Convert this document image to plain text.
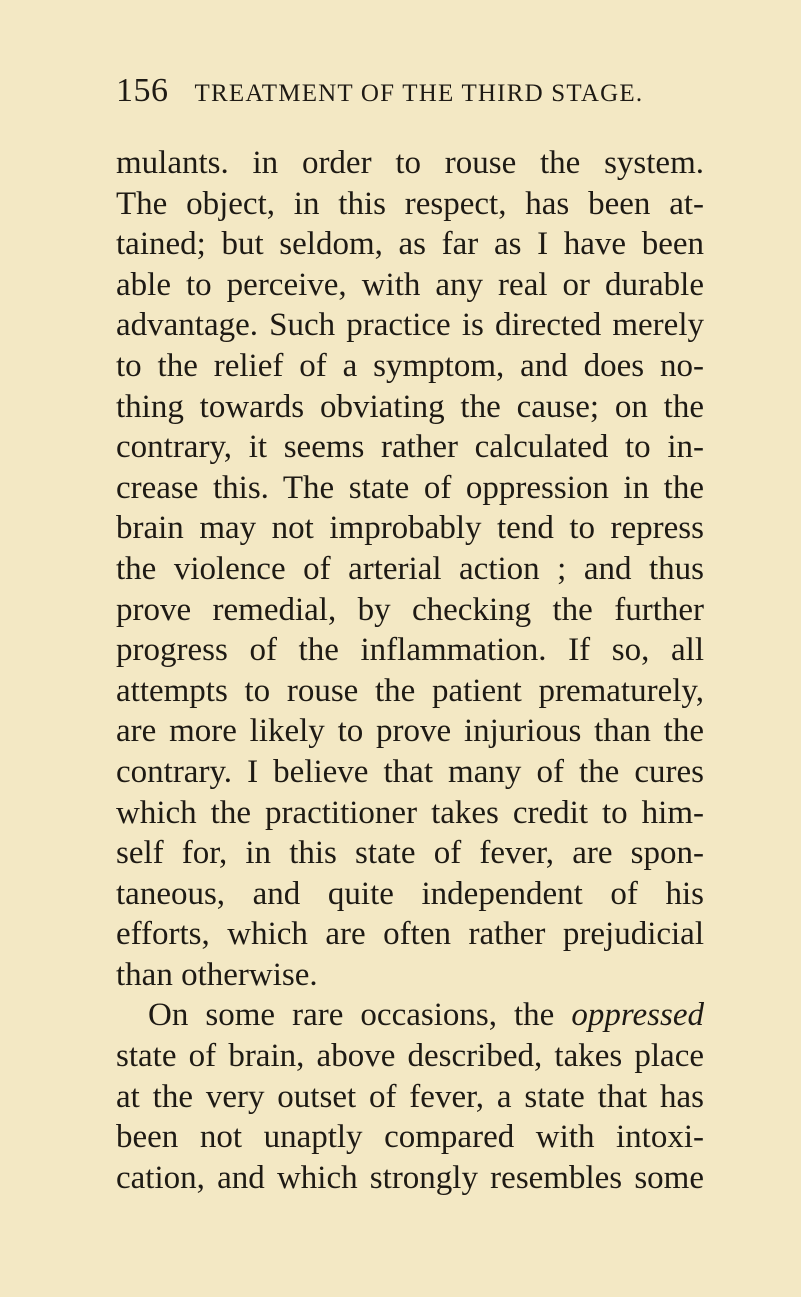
156 TREATMENT OF THE THIRD STAGE.
mulants. in order to rouse the system.
The object, in this respect, has been at-
tained; but seldom, as far as I have been
able to perceive, with any real or durable
advantage. Such practice is directed merely
to the relief of a symptom, and does no-
thing towards obviating the cause; on the
contrary, it seems rather calculated to in-
crease this. The state of oppression in the
brain may not improbably tend to repress
the violence of arterial action ; and thus
prove remedial, by checking the further
progress of the inflammation. If so, all
attempts to rouse the patient prematurely,
are more likely to prove injurious than the
contrary. I believe that many of the cures
which the practitioner takes credit to him-
self for, in this state of fever, are spon-
taneous, and quite independent of his
efforts, which are often rather prejudicial
than otherwise.
On some rare occasions, the oppressed
state of brain, above described, takes place
at the very outset of fever, a state that has
been not unaptly compared with intoxi-
cation, and which strongly resembles some
